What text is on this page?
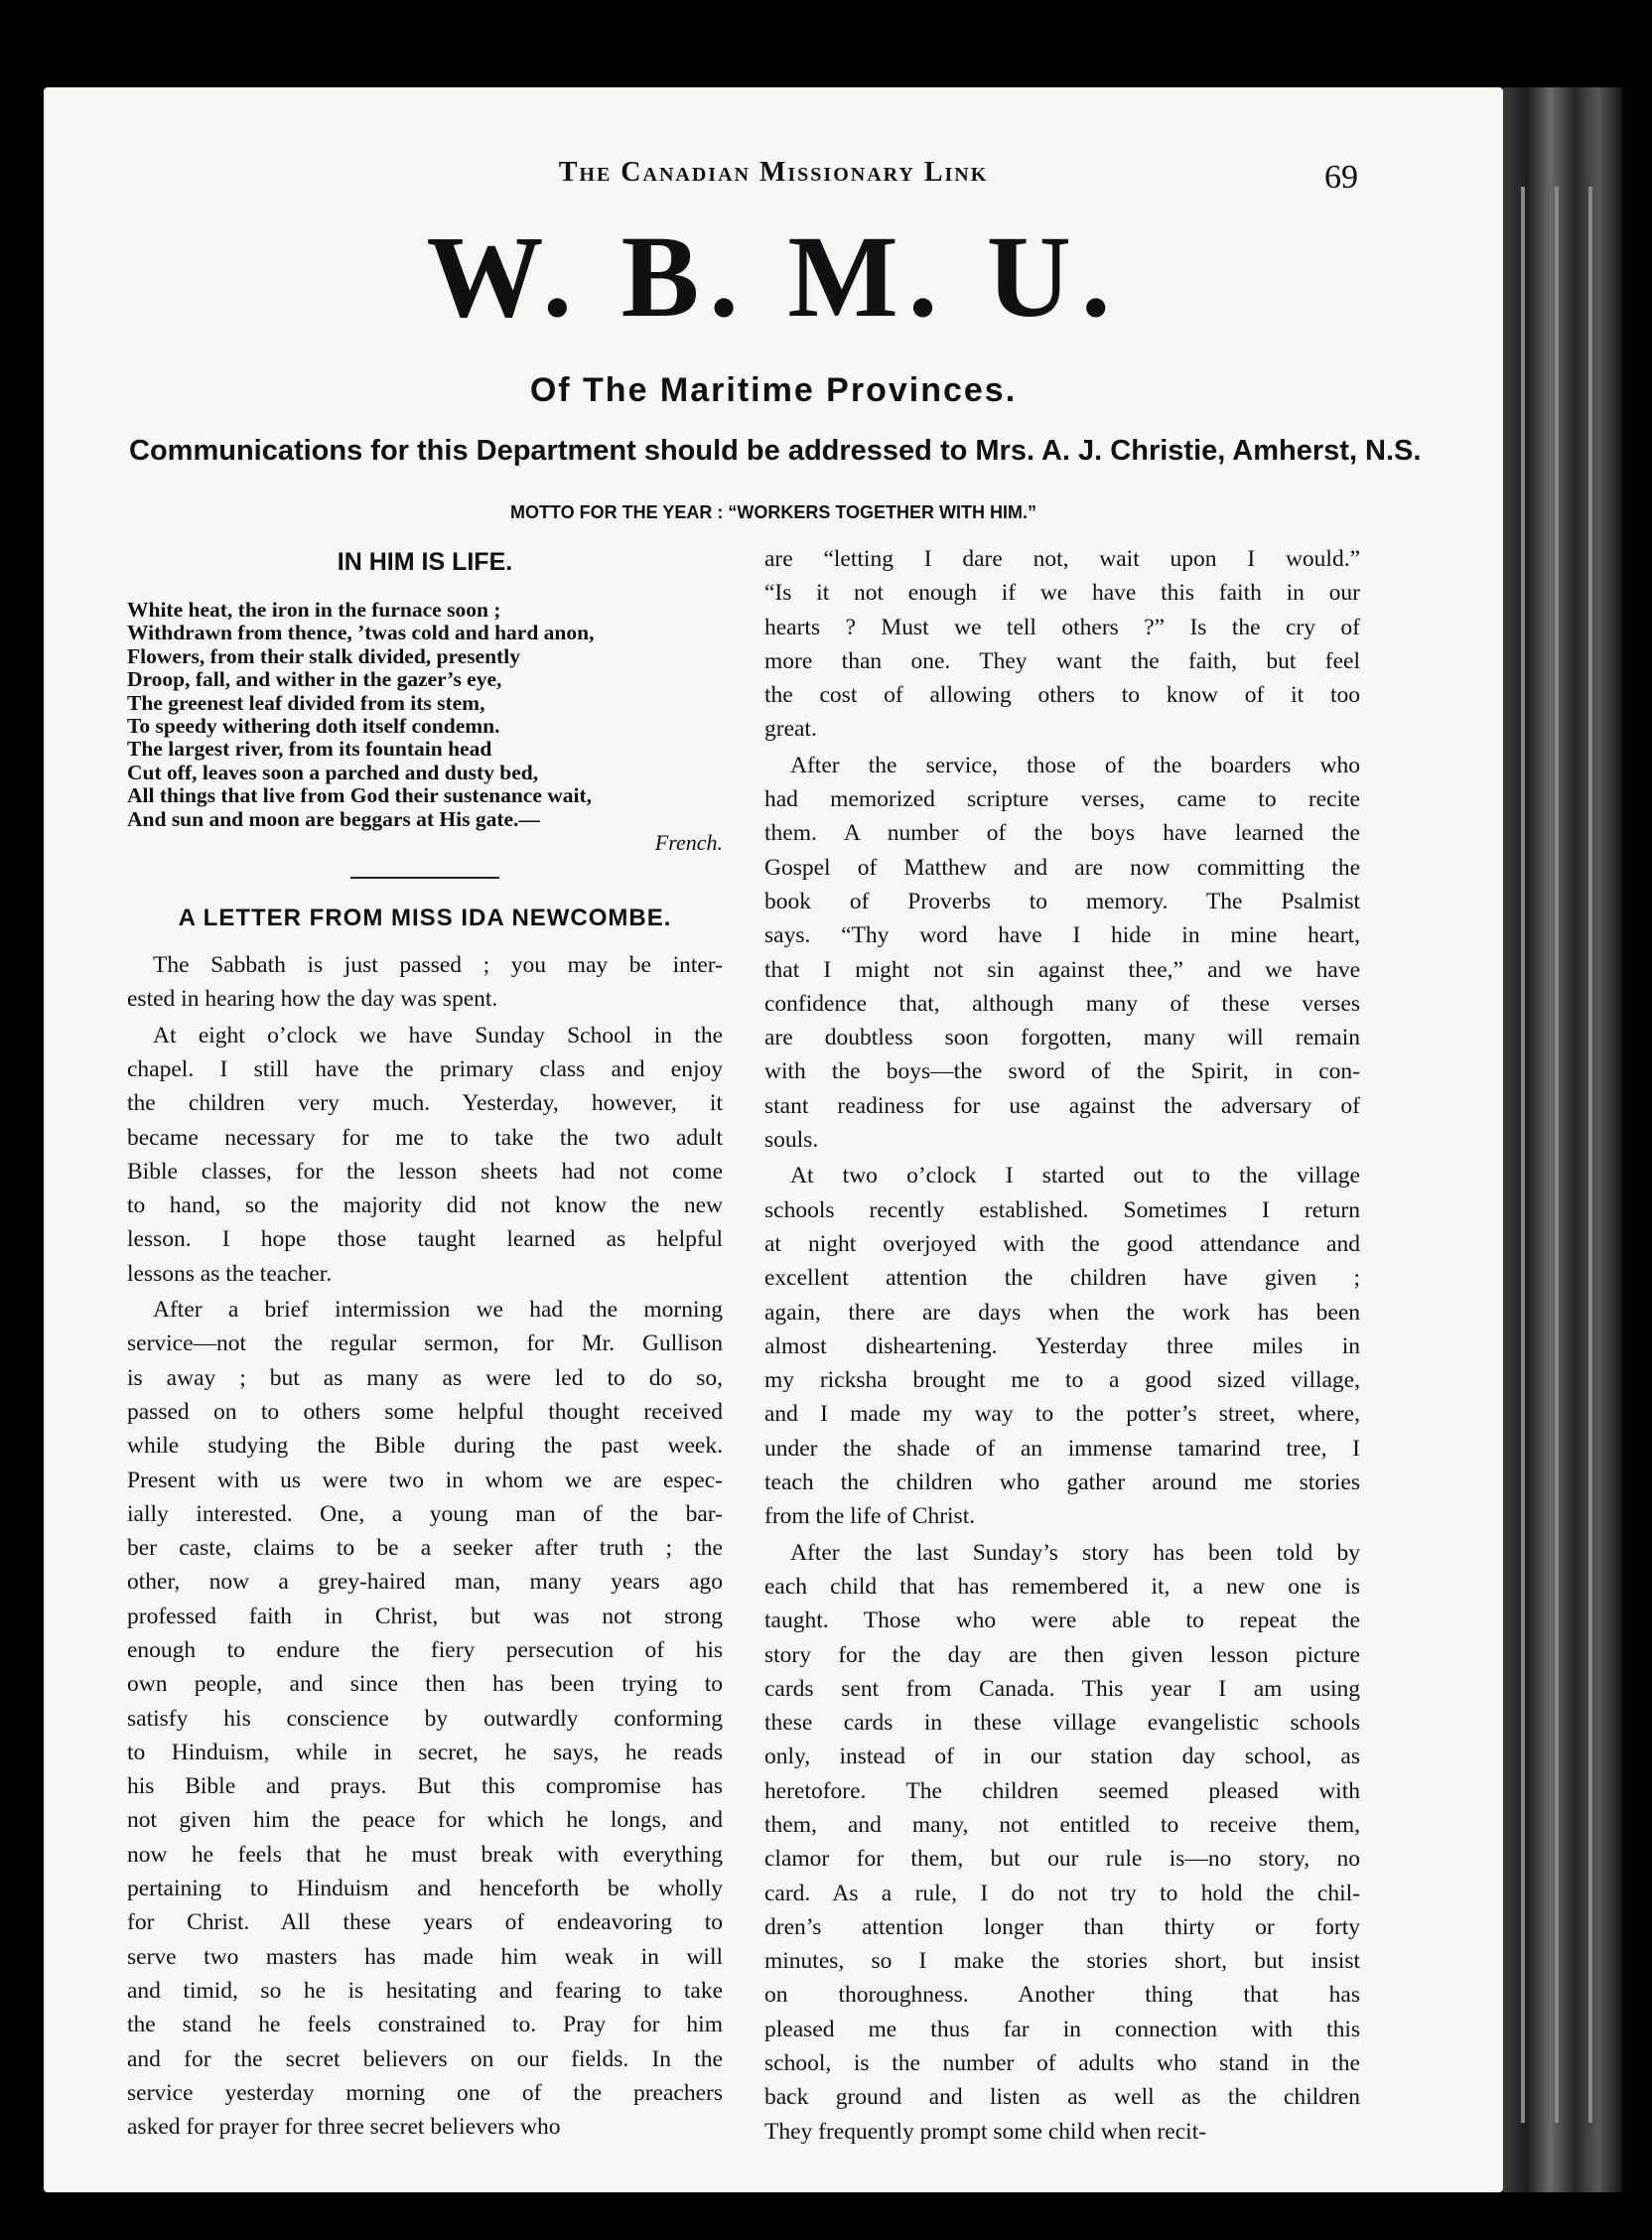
The Canadian Missionary Link	69
W. B. M. U.
Of The Maritime Provinces.
Communications for this Department should be addressed to Mrs. A. J. Christie, Amherst, N.S.
MOTTO FOR THE YEAR : “WORKERS TOGETHER WITH HIM.”
IN HIM IS LIFE.
White heat, the iron in the furnace soon ;
Withdrawn from thence, ’twas cold and hard anon,
Flowers, from their stalk divided, presently
Droop, fall, and wither in the gazer’s eye,
The greenest leaf divided from its stem,
To speedy withering doth itself condemn.
The largest river, from its fountain head
Cut off, leaves soon a parched and dusty bed,
All things that live from God their sustenance wait,
And sun and moon are beggars at His gate.—
French.
A LETTER FROM MISS IDA NEWCOMBE.
The Sabbath is just passed ; you may be inter-
ested in hearing how the day was spent.
At eight o’clock we have Sunday School in the
chapel. I still have the primary class and enjoy
the children very much. Yesterday, however, it
became necessary for me to take the two adult
Bible classes, for the lesson sheets had not come
to hand, so the majority did not know the new
lesson. I hope those taught learned as helpful
lessons as the teacher.
After a brief intermission we had the morning
service—not the regular sermon, for Mr. Gullison
is away ; but as many as were led to do so,
passed on to others some helpful thought received
while studying the Bible during the past week.
Present with us were two in whom we are espec-
ially interested. One, a young man of the bar-
ber caste, claims to be a seeker after truth ; the
other, now a grey-haired man, many years ago
professed faith in Christ, but was not strong
enough to endure the fiery persecution of his
own people, and since then has been trying to
satisfy his conscience by outwardly conforming
to Hinduism, while in secret, he says, he reads
his Bible and prays. But this compromise has
not given him the peace for which he longs, and
now he feels that he must break with everything
pertaining to Hinduism and henceforth be wholly
for Christ. All these years of endeavoring to
serve two masters has made him weak in will
and timid, so he is hesitating and fearing to take
the stand he feels constrained to. Pray for him
and for the secret believers on our fields. In the
service yesterday morning one of the preachers
asked for prayer for three secret believers who
are “letting I dare not, wait upon I would.”
“Is it not enough if we have this faith in our
hearts ? Must we tell others ?” Is the cry of
more than one. They want the faith, but feel
the cost of allowing others to know of it too
great.
After the service, those of the boarders who
had memorized scripture verses, came to recite
them. A number of the boys have learned the
Gospel of Matthew and are now committing the
book of Proverbs to memory. The Psalmist
says. “Thy word have I hide in mine heart,
that I might not sin against thee,” and we have
confidence that, although many of these verses
are doubtless soon forgotten, many will remain
with the boys—the sword of the Spirit, in con-
stant readiness for use against the adversary of
souls.
At two o’clock I started out to the village
schools recently established. Sometimes I return
at night overjoyed with the good attendance and
excellent attention the children have given ;
again, there are days when the work has been
almost disheartening. Yesterday three miles in
my ricksha brought me to a good sized village,
and I made my way to the potter’s street, where,
under the shade of an immense tamarind tree, I
teach the children who gather around me stories
from the life of Christ.
After the last Sunday’s story has been told by
each child that has remembered it, a new one is
taught. Those who were able to repeat the
story for the day are then given lesson picture
cards sent from Canada. This year I am using
these cards in these village evangelistic schools
only, instead of in our station day school, as
heretofore. The children seemed pleased with
them, and many, not entitled to receive them,
clamor for them, but our rule is—no story, no
card. As a rule, I do not try to hold the chil-
dren’s attention longer than thirty or forty
minutes, so I make the stories short, but insist
on thoroughness. Another thing that has
pleased me thus far in connection with this
school, is the number of adults who stand in the
back ground and listen as well as the children
They frequently prompt some child when recit-
